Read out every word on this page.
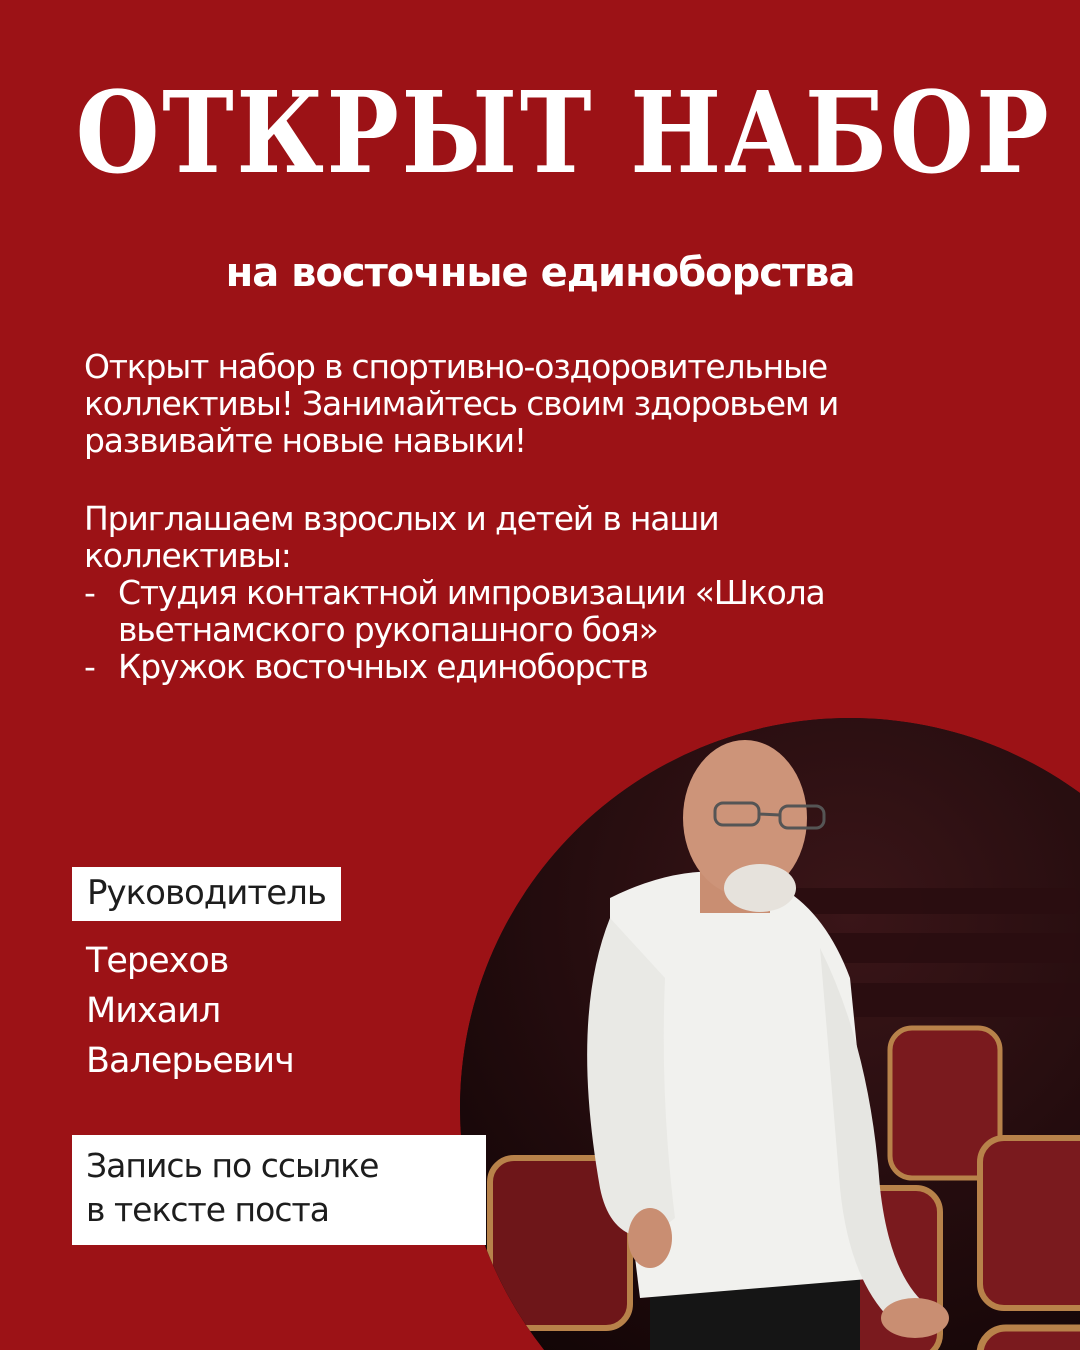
ОТКРЫТ НАБОР
на восточные единоборства

Открыт набор в спортивно-оздоровительные

коллективы! Занимайтесь своим здоровьем и

развивайте новые навыки!

Приглашаем взрослых и детей в наши

коллективы:

- Студия контактной импровизации «Школа
вьетнамского рукопашного боя»
- Кружок восточных единоборств
Руководитель
Терехов
Михаил
Валерьевич
Запись по ссылке
в тексте поста
